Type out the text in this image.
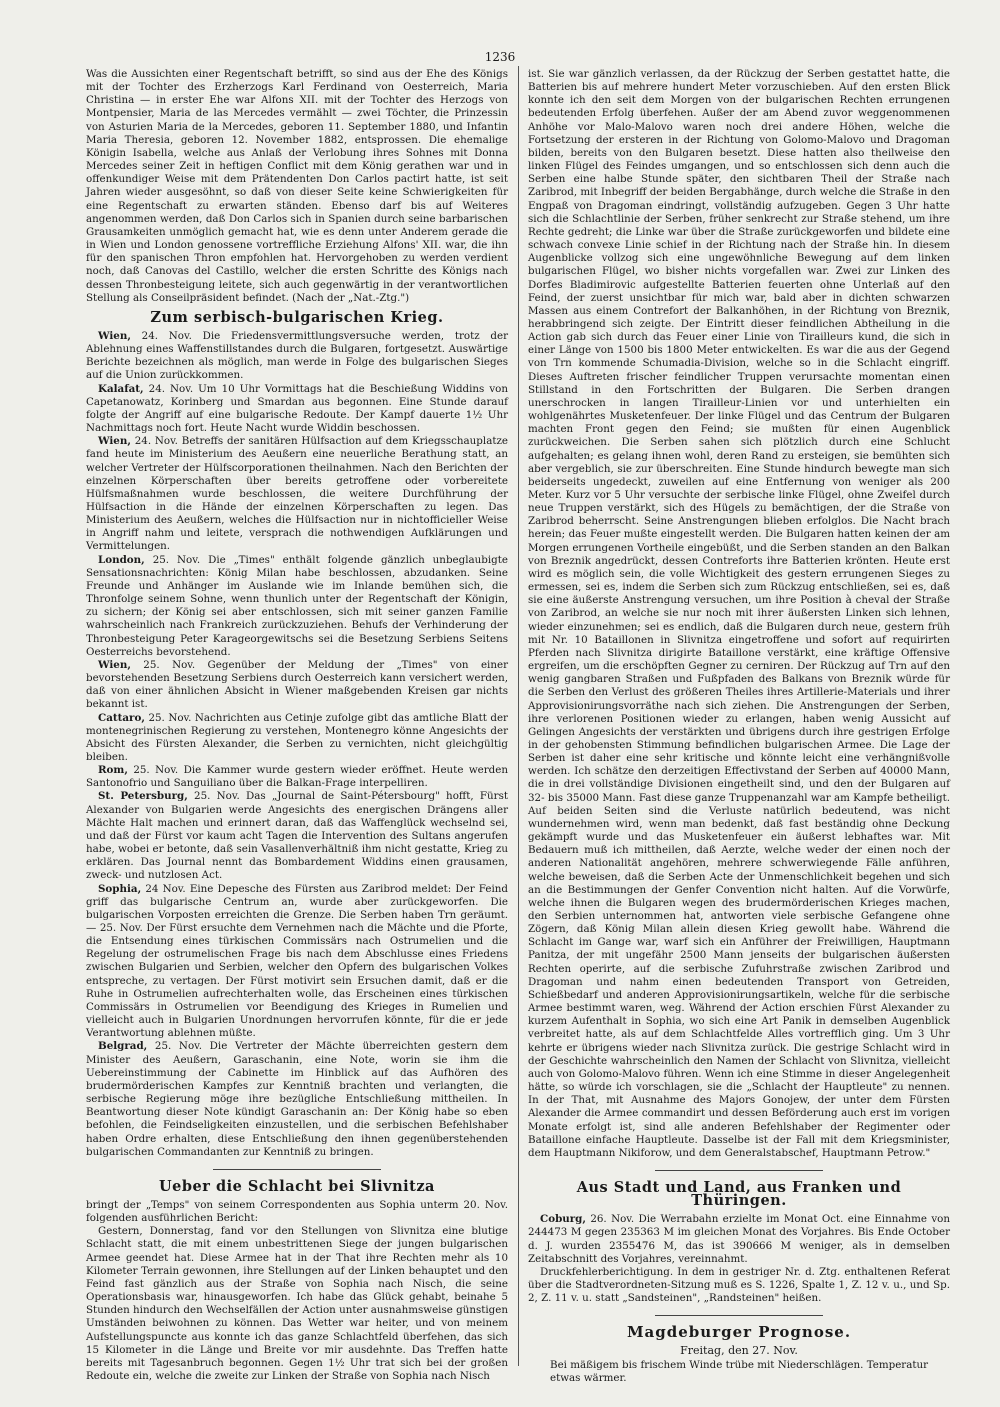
1236

Was die Aussichten einer Regentschaft betrifft, so sind aus der Ehe des Königs mit der Tochter des Erzherzogs Karl Ferdinand von Oesterreich, Maria Christina — in erster Ehe war Alfons XII. mit der Tochter des Herzogs von Montpensier, Maria de las Mercedes vermählt — zwei Töchter, die Prinzessin von Asturien Maria de la Mercedes, geboren 11. September 1880, und Infantin Maria Theresia, geboren 12. November 1882, entsprossen. Die ehemalige Königin Isabella, welche aus Anlaß der Verlobung ihres Sohnes mit Donna Mercedes seiner Zeit in heftigen Conflict mit dem König gerathen war und in offenkundiger Weise mit dem Prätendenten Don Carlos pactirt hatte, ist seit Jahren wieder ausgesöhnt, so daß von dieser Seite keine Schwierigkeiten für eine Regentschaft zu erwarten ständen. Ebenso darf bis auf Weiteres angenommen werden, daß Don Carlos sich in Spanien durch seine barbarischen Grausamkeiten unmöglich gemacht hat, wie es denn unter Anderem gerade die in Wien und London genossene vortreffliche Erziehung Alfons' XII. war, die ihn für den spanischen Thron empfohlen hat. Hervorgehoben zu werden verdient noch, daß Canovas del Castillo, welcher die ersten Schritte des Königs nach dessen Thronbesteigung leitete, sich auch gegenwärtig in der verantwortlichen Stellung als Conseilpräsident befindet. (Nach der „Nat.-Ztg.")

Zum serbisch-bulgarischen Krieg.

Wien, 24. Nov. Die Friedensvermittlungsversuche werden, trotz der Ablehnung eines Waffenstillstandes durch die Bulgaren, fortgesetzt. Auswärtige Berichte bezeichnen als möglich, man werde in Folge des bulgarischen Sieges auf die Union zurückkommen.

Kalafat, 24. Nov. Um 10 Uhr Vormittags hat die Beschießung Widdins von Capetanowatz, Korinberg und Smardan aus begonnen. Eine Stunde darauf folgte der Angriff auf eine bulgarische Redoute. Der Kampf dauerte 1½ Uhr Nachmittags noch fort. Heute Nacht wurde Widdin beschossen.

Wien, 24. Nov. Betreffs der sanitären Hülfsaction auf dem Kriegsschauplatze fand heute im Ministerium des Aeußern eine neuerliche Berathung statt, an welcher Vertreter der Hülfscorporationen theilnahmen. Nach den Berichten der einzelnen Körperschaften über bereits getroffene oder vorbereitete Hülfsmaßnahmen wurde beschlossen, die weitere Durchführung der Hülfsaction in die Hände der einzelnen Körperschaften zu legen. Das Ministerium des Aeußern, welches die Hülfsaction nur in nichtofficieller Weise in Angriff nahm und leitete, versprach die nothwendigen Aufklärungen und Vermittelungen.

London, 25. Nov. Die „Times" enthält folgende gänzlich unbeglaubigte Sensationsnachrichten: König Milan habe beschlossen, abzudanken. Seine Freunde und Anhänger im Auslande wie im Inlande bemühen sich, die Thronfolge seinem Sohne, wenn thunlich unter der Regentschaft der Königin, zu sichern; der König sei aber entschlossen, sich mit seiner ganzen Familie wahrscheinlich nach Frankreich zurückzuziehen. Behufs der Verhinderung der Thronbesteigung Peter Karageorgewitschs sei die Besetzung Serbiens Seitens Oesterreichs bevorstehend.

Wien, 25. Nov. Gegenüber der Meldung der „Times" von einer bevorstehenden Besetzung Serbiens durch Oesterreich kann versichert werden, daß von einer ähnlichen Absicht in Wiener maßgebenden Kreisen gar nichts bekannt ist.

Cattaro, 25. Nov. Nachrichten aus Cetinje zufolge gibt das amtliche Blatt der montenegrinischen Regierung zu verstehen, Montenegro könne Angesichts der Absicht des Fürsten Alexander, die Serben zu vernichten, nicht gleichgültig bleiben.

Rom, 25. Nov. Die Kammer wurde gestern wieder eröffnet. Heute werden Santonofrio und Sanguiliano über die Balkan-Frage interpelliren.

St. Petersburg, 25. Nov. Das „Journal de Saint-Pétersbourg" hofft, Fürst Alexander von Bulgarien werde Angesichts des energischen Drängens aller Mächte Halt machen und erinnert daran, daß das Waffenglück wechselnd sei, und daß der Fürst vor kaum acht Tagen die Intervention des Sultans angerufen habe, wobei er betonte, daß sein Vasallenverhältniß ihm nicht gestatte, Krieg zu erklären. Das Journal nennt das Bombardement Widdins einen grausamen, zweck- und nutzlosen Act.

Sophia, 24 Nov. Eine Depesche des Fürsten aus Zaribrod meldet: Der Feind griff das bulgarische Centrum an, wurde aber zurückgeworfen. Die bulgarischen Vorposten erreichten die Grenze. Die Serben haben Trn geräumt. — 25. Nov. Der Fürst ersuchte dem Vernehmen nach die Mächte und die Pforte, die Entsendung eines türkischen Commissärs nach Ostrumelien und die Regelung der ostrumelischen Frage bis nach dem Abschlusse eines Friedens zwischen Bulgarien und Serbien, welcher den Opfern des bulgarischen Volkes entspreche, zu vertagen. Der Fürst motivirt sein Ersuchen damit, daß er die Ruhe in Ostrumelien aufrechterhalten wolle, das Erscheinen eines türkischen Commissärs in Ostrumelien vor Beendigung des Krieges in Rumelien und vielleicht auch in Bulgarien Unordnungen hervorrufen könnte, für die er jede Verantwortung ablehnen müßte.

Belgrad, 25. Nov. Die Vertreter der Mächte überreichten gestern dem Minister des Aeußern, Garaschanin, eine Note, worin sie ihm die Uebereinstimmung der Cabinette im Hinblick auf das Aufhören des brudermörderischen Kampfes zur Kenntniß brachten und verlangten, die serbische Regierung möge ihre bezügliche Entschließung mittheilen. In Beantwortung dieser Note kündigt Garaschanin an: Der König habe so eben befohlen, die Feindseligkeiten einzustellen, und die serbischen Befehlshaber haben Ordre erhalten, diese Entschließung den ihnen gegenüberstehenden bulgarischen Commandanten zur Kenntniß zu bringen.

Ueber die Schlacht bei Slivnitza

bringt der „Temps" von seinem Correspondenten aus Sophia unterm 20. Nov. folgenden ausführlichen Bericht:

Gestern, Donnerstag, fand vor den Stellungen von Slivnitza eine blutige Schlacht statt, die mit einem unbestrittenen Siege der jungen bulgarischen Armee geendet hat. Diese Armee hat in der That ihre Rechten mehr als 10 Kilometer Terrain gewonnen, ihre Stellungen auf der Linken behauptet und den Feind fast gänzlich aus der Straße von Sophia nach Nisch, die seine Operationsbasis war, hinausgeworfen. Ich habe das Glück gehabt, beinahe 5 Stunden hindurch den Wechselfällen der Action unter ausnahmsweise günstigen Umständen beiwohnen zu können. Das Wetter war heiter, und von meinem Aufstellungspuncte aus konnte ich das ganze Schlachtfeld überfehen, das sich 15 Kilometer in die Länge und Breite vor mir ausdehnte. Das Treffen hatte bereits mit Tagesanbruch begonnen. Gegen 1½ Uhr trat sich bei der großen Redoute ein, welche die zweite zur Linken der Straße von Sophia nach Nisch

ist. Sie war gänzlich verlassen, da der Rückzug der Serben gestattet hatte, die Batterien bis auf mehrere hundert Meter vorzuschieben. Auf den ersten Blick konnte ich den seit dem Morgen von der bulgarischen Rechten errungenen bedeutenden Erfolg überfehen. Außer der am Abend zuvor weggenommenen Anhöhe vor Malo-Malovo waren noch drei andere Höhen, welche die Fortsetzung der ersteren in der Richtung von Golomo-Malovo und Dragoman bilden, bereits von den Bulgaren besetzt. Diese hatten also theilweise den linken Flügel des Feindes umgangen, und so entschlossen sich denn auch die Serben eine halbe Stunde später, den sichtbaren Theil der Straße nach Zaribrod, mit Inbegriff der beiden Bergabhänge, durch welche die Straße in den Engpaß von Dragoman eindringt, vollständig aufzugeben. Gegen 3 Uhr hatte sich die Schlachtlinie der Serben, früher senkrecht zur Straße stehend, um ihre Rechte gedreht; die Linke war über die Straße zurückgeworfen und bildete eine schwach convexe Linie schief in der Richtung nach der Straße hin. In diesem Augenblicke vollzog sich eine ungewöhnliche Bewegung auf dem linken bulgarischen Flügel, wo bisher nichts vorgefallen war. Zwei zur Linken des Dorfes Bladimirovic aufgestellte Batterien feuerten ohne Unterlaß auf den Feind, der zuerst unsichtbar für mich war, bald aber in dichten schwarzen Massen aus einem Contrefort der Balkanhöhen, in der Richtung von Breznik, herabbringend sich zeigte. Der Eintritt dieser feindlichen Abtheilung in die Action gab sich durch das Feuer einer Linie von Tirailleurs kund, die sich in einer Länge von 1500 bis 1800 Meter entwickelten. Es war die aus der Gegend von Trn kommende Schumadia-Division, welche so in die Schlacht eingriff. Dieses Auftreten frischer feindlicher Truppen verursachte momentan einen Stillstand in den Fortschritten der Bulgaren. Die Serben drangen unerschrocken in langen Tirailleur-Linien vor und unterhielten ein wohlgenährtes Musketenfeuer. Der linke Flügel und das Centrum der Bulgaren machten Front gegen den Feind; sie mußten für einen Augenblick zurückweichen. Die Serben sahen sich plötzlich durch eine Schlucht aufgehalten; es gelang ihnen wohl, deren Rand zu ersteigen, sie bemühten sich aber vergeblich, sie zur überschreiten. Eine Stunde hindurch bewegte man sich beiderseits ungedeckt, zuweilen auf eine Entfernung von weniger als 200 Meter. Kurz vor 5 Uhr versuchte der serbische linke Flügel, ohne Zweifel durch neue Truppen verstärkt, sich des Hügels zu bemächtigen, der die Straße von Zaribrod beherrscht. Seine Anstrengungen blieben erfolglos. Die Nacht brach herein; das Feuer mußte eingestellt werden. Die Bulgaren hatten keinen der am Morgen errungenen Vortheile eingebüßt, und die Serben standen an den Balkan von Breznik angedrückt, dessen Contreforts ihre Batterien krönten. Heute erst wird es möglich sein, die volle Wichtigkeit des gestern errungenen Sieges zu ermessen, sei es, indem die Serben sich zum Rückzug entschließen, sei es, daß sie eine äußerste Anstrengung versuchen, um ihre Position à cheval der Straße von Zaribrod, an welche sie nur noch mit ihrer äußersten Linken sich lehnen, wieder einzunehmen; sei es endlich, daß die Bulgaren durch neue, gestern früh mit Nr. 10 Bataillonen in Slivnitza eingetroffene und sofort auf requirirten Pferden nach Slivnitza dirigirte Bataillone verstärkt, eine kräftige Offensive ergreifen, um die erschöpften Gegner zu cerniren. Der Rückzug auf Trn auf den wenig gangbaren Straßen und Fußpfaden des Balkans von Breznik würde für die Serben den Verlust des größeren Theiles ihres Artillerie-Materials und ihrer Approvisionirungsvorräthe nach sich ziehen. Die Anstrengungen der Serben, ihre verlorenen Positionen wieder zu erlangen, haben wenig Aussicht auf Gelingen Angesichts der verstärkten und übrigens durch ihre gestrigen Erfolge in der gehobensten Stimmung befindlichen bulgarischen Armee. Die Lage der Serben ist daher eine sehr kritische und könnte leicht eine verhängnißvolle werden. Ich schätze den derzeitigen Effectivstand der Serben auf 40000 Mann, die in drei vollständige Divisionen eingetheilt sind, und den der Bulgaren auf 32- bis 35000 Mann. Fast diese ganze Truppenanzahl war am Kampfe betheiligt. Auf beiden Seiten sind die Verluste natürlich bedeutend, was nicht wundernehmen wird, wenn man bedenkt, daß fast beständig ohne Deckung gekämpft wurde und das Musketenfeuer ein äußerst lebhaftes war. Mit Bedauern muß ich mittheilen, daß Aerzte, welche weder der einen noch der anderen Nationalität angehören, mehrere schwerwiegende Fälle anführen, welche beweisen, daß die Serben Acte der Unmenschlichkeit begehen und sich an die Bestimmungen der Genfer Convention nicht halten. Auf die Vorwürfe, welche ihnen die Bulgaren wegen des brudermörderischen Krieges machen, den Serbien unternommen hat, antworten viele serbische Gefangene ohne Zögern, daß König Milan allein diesen Krieg gewollt habe. Während die Schlacht im Gange war, warf sich ein Anführer der Freiwilligen, Hauptmann Panitza, der mit ungefähr 2500 Mann jenseits der bulgarischen äußersten Rechten operirte, auf die serbische Zufuhrstraße zwischen Zaribrod und Dragoman und nahm einen bedeutenden Transport von Getreiden, Schießbedarf und anderen Approvisionirungsartikeln, welche für die serbische Armee bestimmt waren, weg. Während der Action erschien Fürst Alexander zu kurzem Aufenthalt in Sophia, wo sich eine Art Panik in demselben Augenblick verbreitet hatte, als auf dem Schlachtfelde Alles vortrefflich ging. Um 3 Uhr kehrte er übrigens wieder nach Slivnitza zurück. Die gestrige Schlacht wird in der Geschichte wahrscheinlich den Namen der Schlacht von Slivnitza, vielleicht auch von Golomo-Malovo führen. Wenn ich eine Stimme in dieser Angelegenheit hätte, so würde ich vorschlagen, sie die „Schlacht der Hauptleute" zu nennen. In der That, mit Ausnahme des Majors Gonojew, der unter dem Fürsten Alexander die Armee commandirt und dessen Beförderung auch erst im vorigen Monate erfolgt ist, sind alle anderen Befehlshaber der Regimenter oder Bataillone einfache Hauptleute. Dasselbe ist der Fall mit dem Kriegsminister, dem Hauptmann Nikiforow, und dem Generalstabschef, Hauptmann Petrow."

Aus Stadt und Land, aus Franken und Thüringen.

Coburg, 26. Nov. Die Werrabahn erzielte im Monat Oct. eine Einnahme von 244473 M gegen 235363 M im gleichen Monat des Vorjahres. Bis Ende October d. J. wurden 2355476 M, das ist 390666 M weniger, als in demselben Zeitabschnitt des Vorjahres, vereinnahmt.

Druckfehlerberichtigung. In dem in gestriger Nr. d. Ztg. enthaltenen Referat über die Stadtverordneten-Sitzung muß es S. 1226, Spalte 1, Z. 12 v. u., und Sp. 2, Z. 11 v. u. statt „Sandsteinen", „Randsteinen" heißen.

Magdeburger Prognose.
Freitag, den 27. Nov.

Bei mäßigem bis frischem Winde trübe mit Niederschlägen. Temperatur etwas wärmer.
